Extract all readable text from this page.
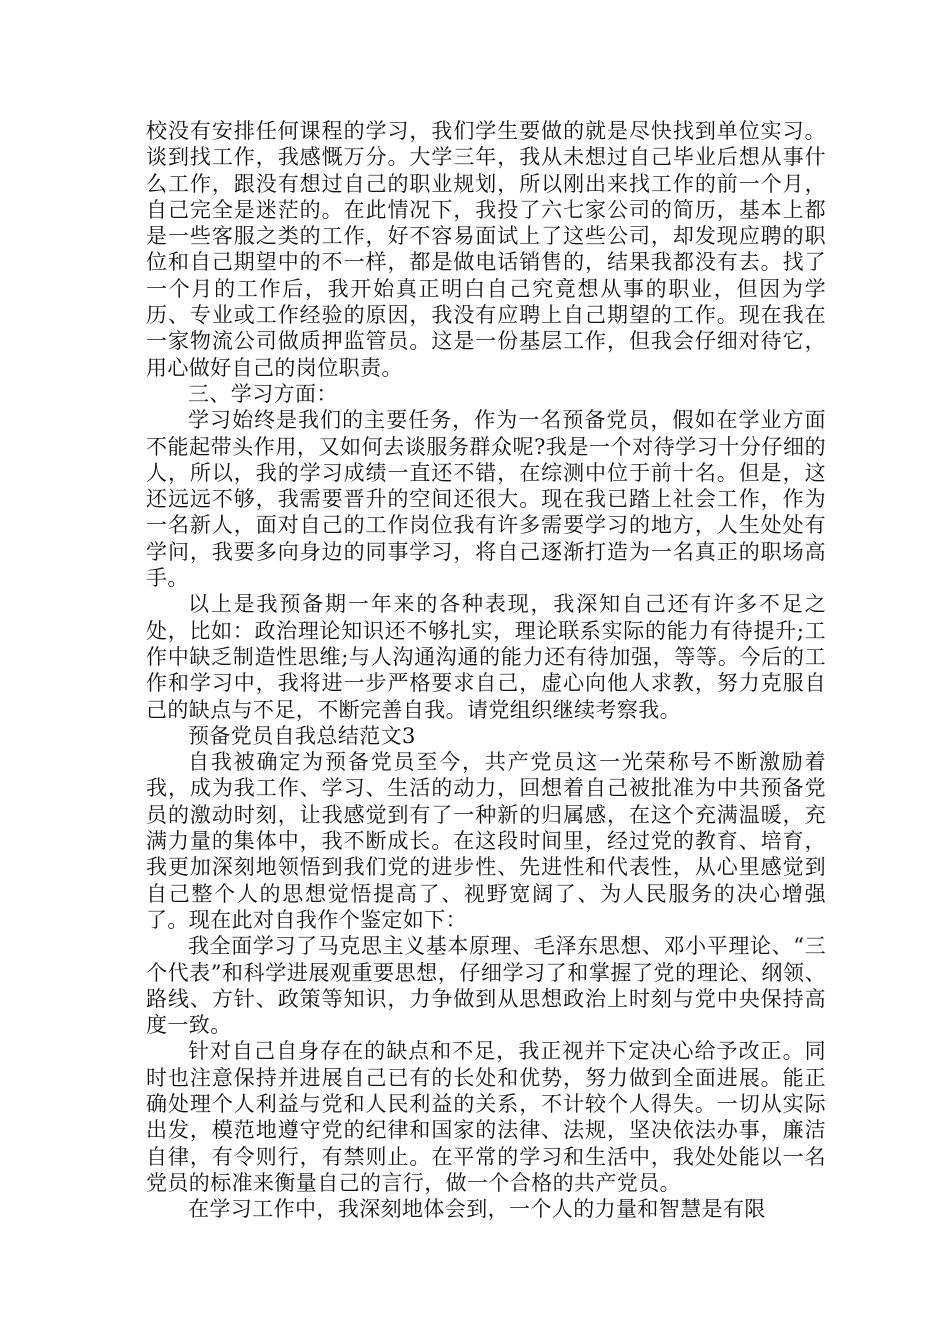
校没有安排任何课程的学习，我们学生要做的就是尽快找到单位实习。谈到找工作，我感慨万分。大学三年，我从未想过自己毕业后想从事什么工作，跟没有想过自己的职业规划，所以刚出来找工作的前一个月，自己完全是迷茫的。在此情况下，我投了六七家公司的简历，基本上都是一些客服之类的工作，好不容易面试上了这些公司，却发现应聘的职位和自己期望中的不一样，都是做电话销售的，结果我都没有去。找了一个月的工作后，我开始真正明白自己究竟想从事的职业，但因为学历、专业或工作经验的原因，我没有应聘上自己期望的工作。现在我在一家物流公司做质押监管员。这是一份基层工作，但我会仔细对待它，用心做好自己的岗位职责。

三、学习方面：

学习始终是我们的主要任务，作为一名预备党员，假如在学业方面不能起带头作用，又如何去谈服务群众呢?我是一个对待学习十分仔细的人，所以，我的学习成绩一直还不错，在综测中位于前十名。但是，这还远远不够，我需要晋升的空间还很大。现在我已踏上社会工作，作为一名新人，面对自己的工作岗位我有许多需要学习的地方，人生处处有学问，我要多向身边的同事学习，将自己逐渐打造为一名真正的职场高手。

以上是我预备期一年来的各种表现，我深知自己还有许多不足之处，比如：政治理论知识还不够扎实，理论联系实际的能力有待提升;工作中缺乏制造性思维;与人沟通沟通的能力还有待加强，等等。今后的工作和学习中，我将进一步严格要求自己，虚心向他人求教，努力克服自己的缺点与不足，不断完善自我。请党组织继续考察我。

预备党员自我总结范文3

自我被确定为预备党员至今，共产党员这一光荣称号不断激励着我，成为我工作、学习、生活的动力，回想着自己被批准为中共预备党员的激动时刻，让我感觉到有了一种新的归属感，在这个充满温暖，充满力量的集体中，我不断成长。在这段时间里，经过党的教育、培育，我更加深刻地领悟到我们党的进步性、先进性和代表性，从心里感觉到自己整个人的思想觉悟提高了、视野宽阔了、为人民服务的决心增强了。现在此对自我作个鉴定如下：

我全面学习了马克思主义基本原理、毛泽东思想、邓小平理论、“三个代表”和科学进展观重要思想，仔细学习了和掌握了党的理论、纲领、路线、方针、政策等知识，力争做到从思想政治上时刻与党中央保持高度一致。

针对自己自身存在的缺点和不足，我正视并下定决心给予改正。同时也注意保持并进展自己已有的长处和优势，努力做到全面进展。能正确处理个人利益与党和人民利益的关系，不计较个人得失。一切从实际出发，模范地遵守党的纪律和国家的法律、法规，坚决依法办事，廉洁自律，有令则行，有禁则止。在平常的学习和生活中，我处处能以一名党员的标准来衡量自己的言行，做一个合格的共产党员。

在学习工作中，我深刻地体会到，一个人的力量和智慧是有限
